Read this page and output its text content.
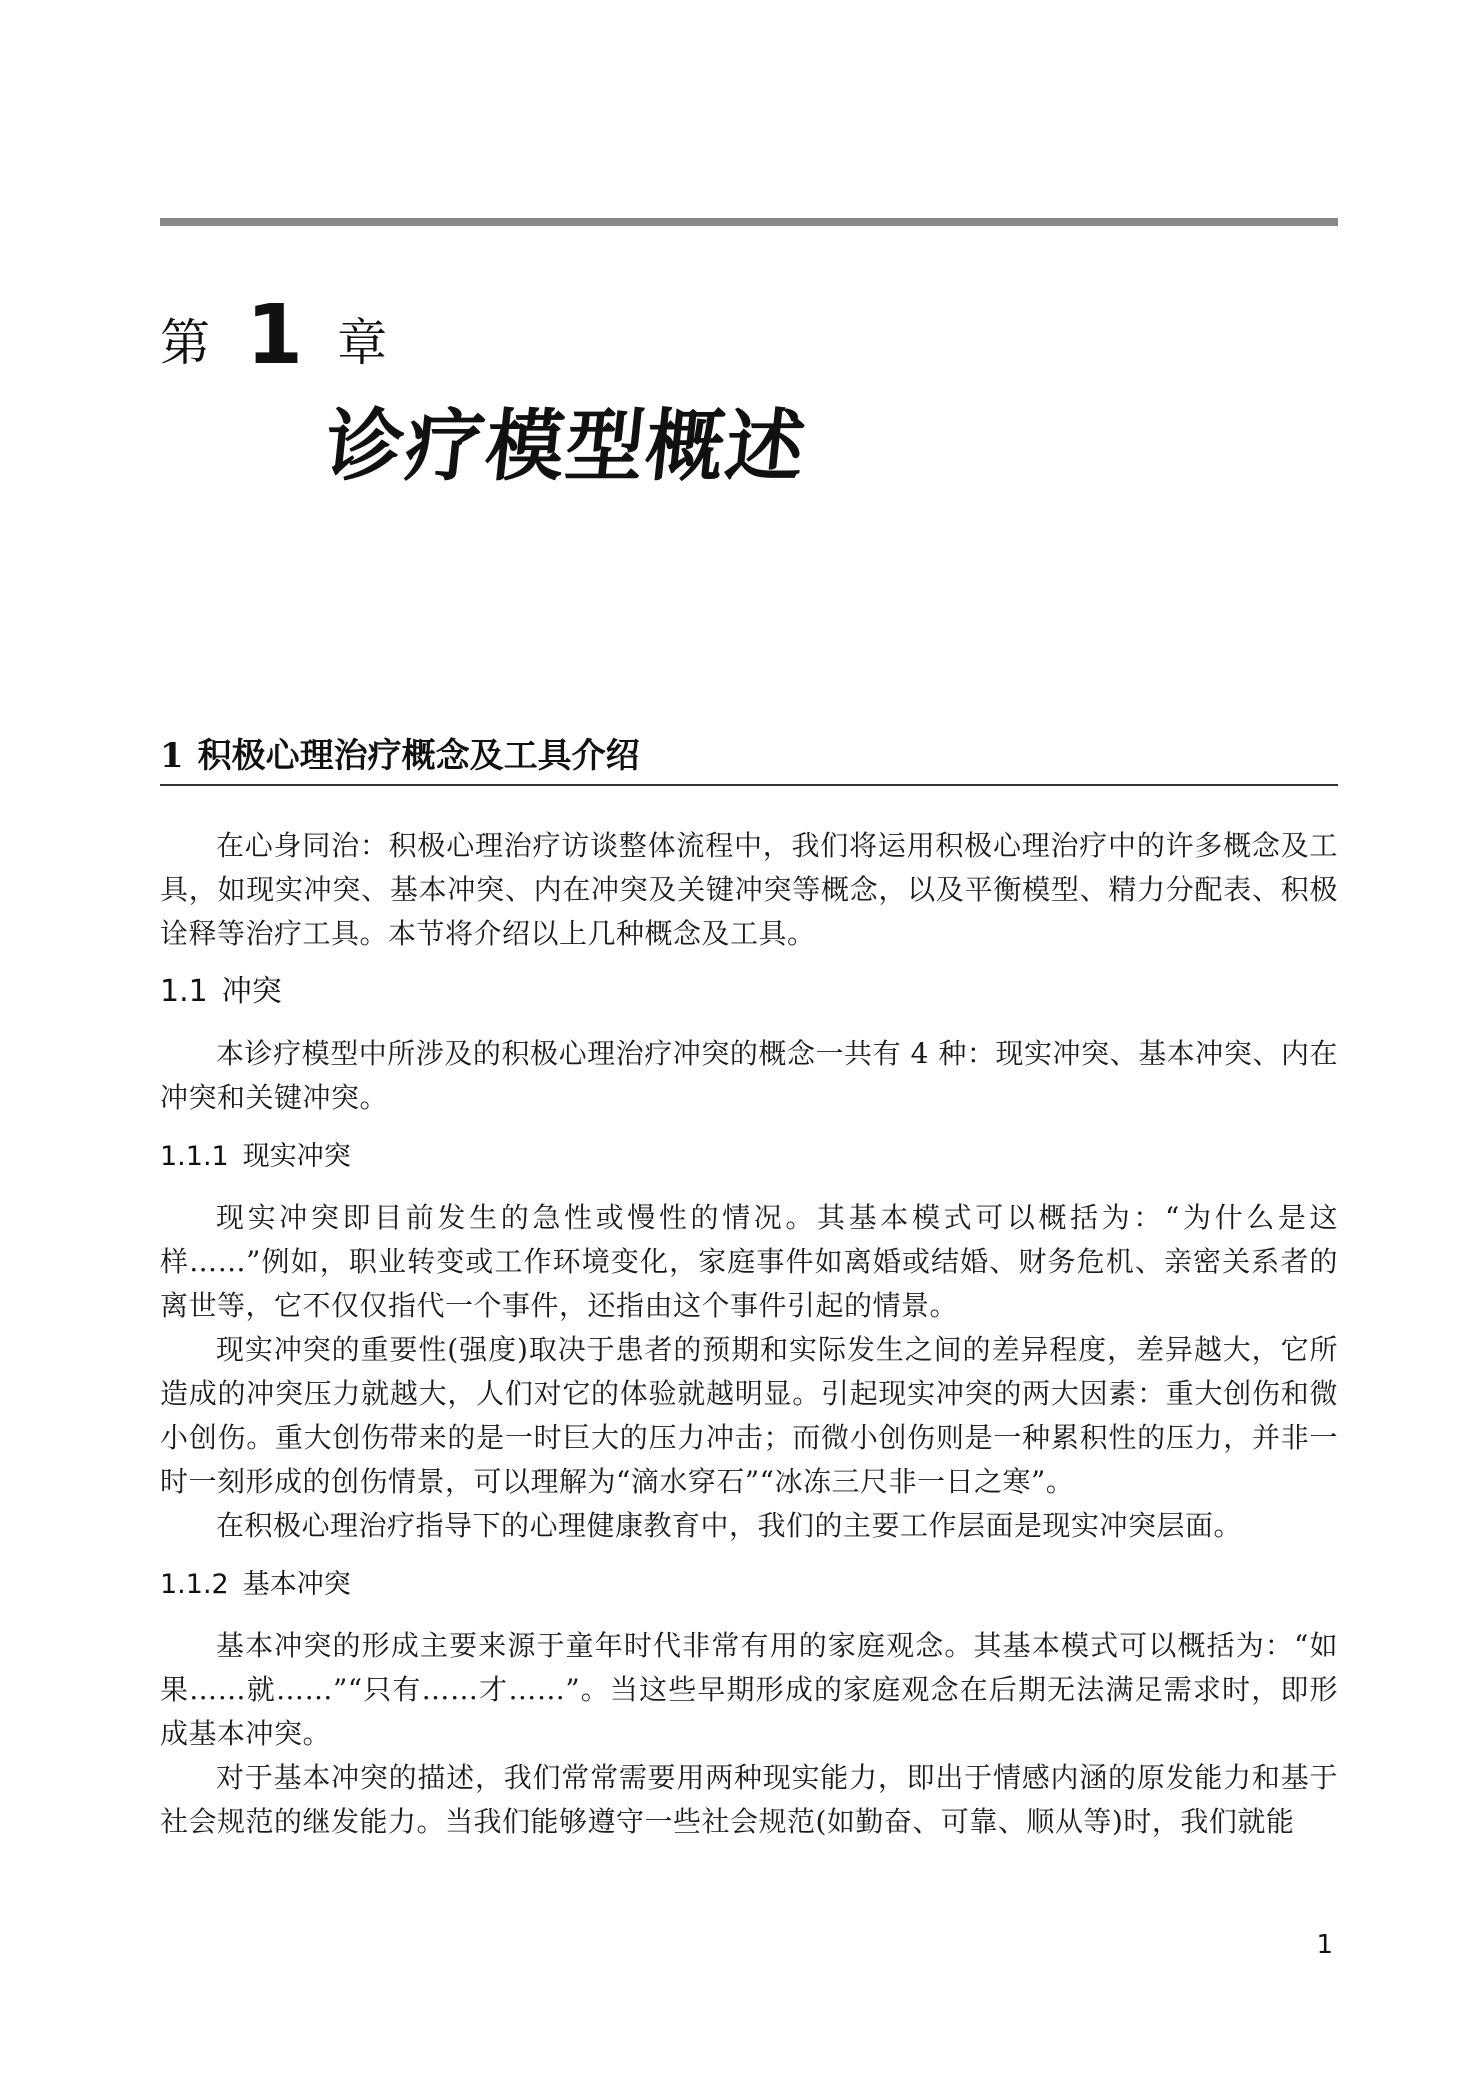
第 1 章
诊疗模型概述
1 积极心理治疗概念及工具介绍

在心身同治：积极心理治疗访谈整体流程中，我们将运用积极心理治疗中的许多概念及工具，如现实冲突、基本冲突、内在冲突及关键冲突等概念，以及平衡模型、精力分配表、积极诠释等治疗工具。本节将介绍以上几种概念及工具。

1.1 冲突

本诊疗模型中所涉及的积极心理治疗冲突的概念一共有 4 种：现实冲突、基本冲突、内在冲突和关键冲突。

1.1.1 现实冲突

现实冲突即目前发生的急性或慢性的情况。其基本模式可以概括为：“为什么是这样……”例如，职业转变或工作环境变化，家庭事件如离婚或结婚、财务危机、亲密关系者的离世等，它不仅仅指代一个事件，还指由这个事件引起的情景。

现实冲突的重要性(强度)取决于患者的预期和实际发生之间的差异程度，差异越大，它所造成的冲突压力就越大，人们对它的体验就越明显。引起现实冲突的两大因素：重大创伤和微小创伤。重大创伤带来的是一时巨大的压力冲击；而微小创伤则是一种累积性的压力，并非一时一刻形成的创伤情景，可以理解为“滴水穿石”“冰冻三尺非一日之寒”。

在积极心理治疗指导下的心理健康教育中，我们的主要工作层面是现实冲突层面。

1.1.2 基本冲突

基本冲突的形成主要来源于童年时代非常有用的家庭观念。其基本模式可以概括为：“如果……就……”“只有……才……”。当这些早期形成的家庭观念在后期无法满足需求时，即形成基本冲突。

对于基本冲突的描述，我们常常需要用两种现实能力，即出于情感内涵的原发能力和基于社会规范的继发能力。当我们能够遵守一些社会规范(如勤奋、可靠、顺从等)时，我们就能

1
